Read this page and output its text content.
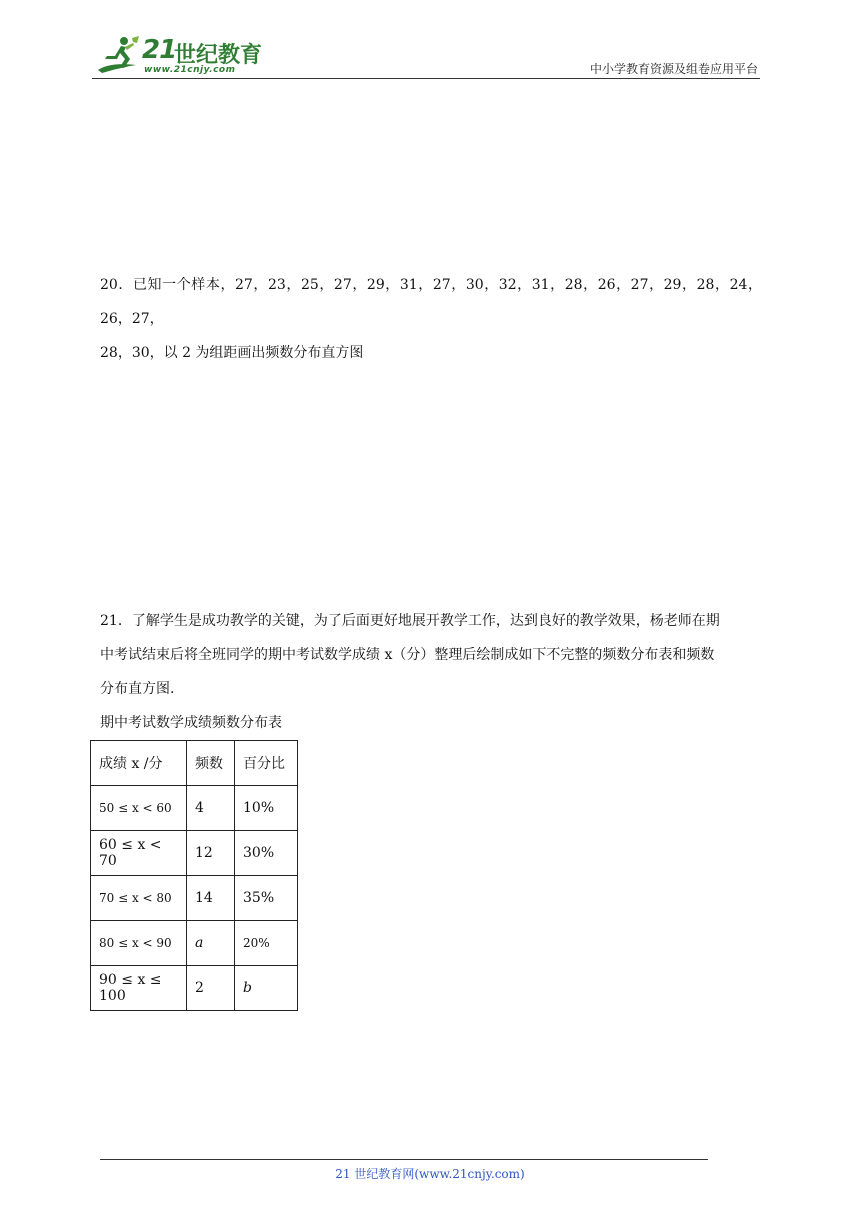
21
世纪教育
www.21cnjy.com	中小学教育资源及组卷应用平台
20．已知一个样本，27，23，25，27，29，31，27，30，32，31，28，26，27，29，28，24，26，27，
28，30，以 2 为组距画出频数分布直方图
21．了解学生是成功教学的关键，为了后面更好地展开教学工作，达到良好的教学效果，杨老师在期
中考试结束后将全班同学的期中考试数学成绩 x（分）整理后绘制成如下不完整的频数分布表和频数
分布直方图.
期中考试数学成绩频数分布表
成绩 x /分	频数	百分比
50 ≤ x < 60	4	10%
60 ≤ x < 70	12	30%
70 ≤ x < 80	14	35%
80 ≤ x < 90	a	20%
90 ≤ x ≤ 100	2	b
21 世纪教育网(www.21cnjy.com)
